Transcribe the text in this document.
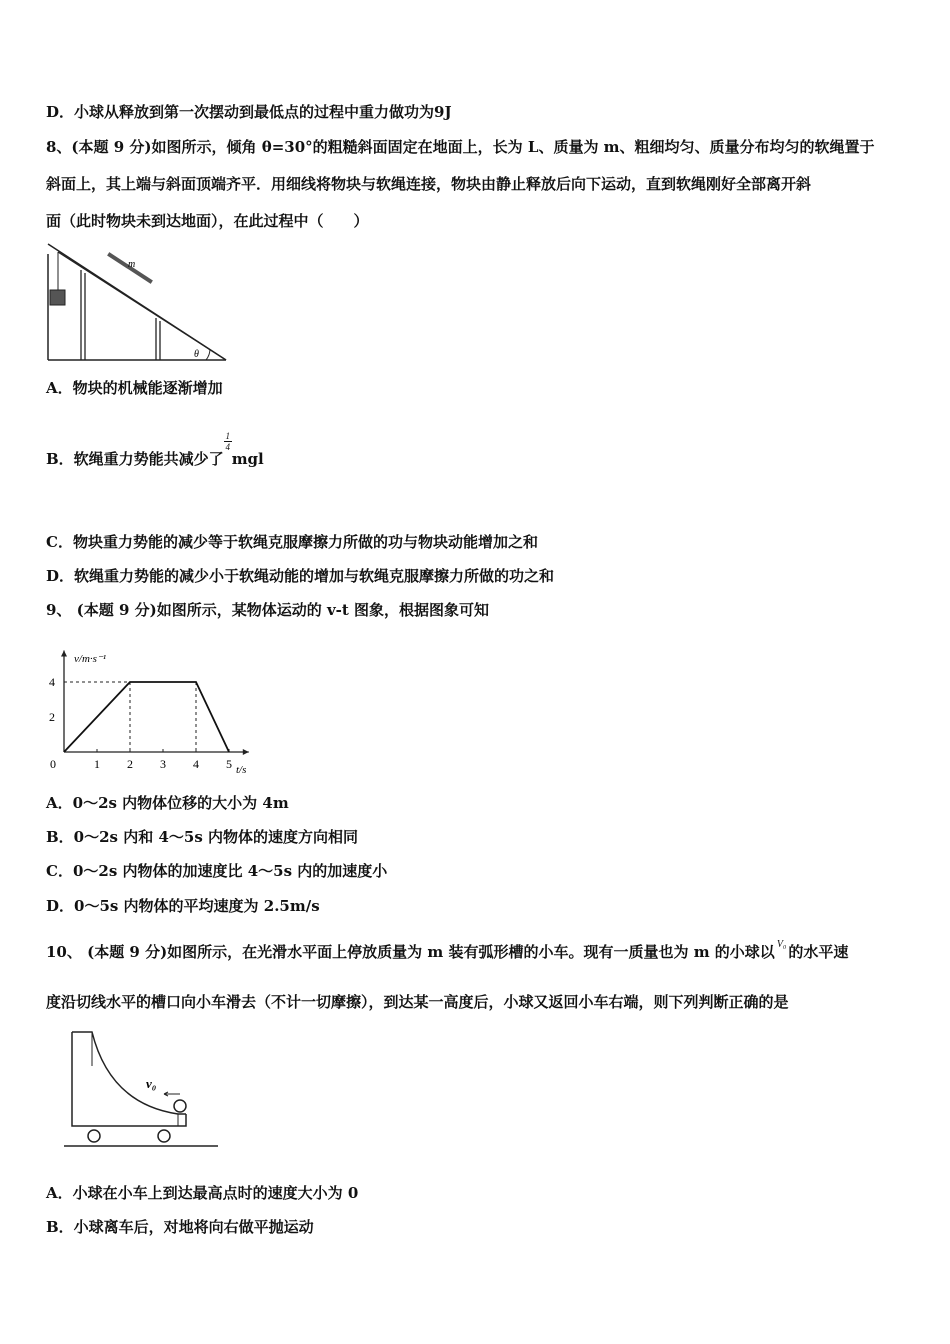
D．小球从释放到第一次摆动到最低点的过程中重力做功为9J
8、(本题 9 分)如图所示，倾角 θ=30°的粗糙斜面固定在地面上，长为 L、质量为 m、粗细均匀、质量分布均匀的软绳置于
斜面上，其上端与斜面顶端齐平．用细线将物块与软绳连接，物块由静止释放后向下运动，直到软绳刚好全部离开斜
面（此时物块未到达地面），在此过程中（　　）
m
θ
A．物块的机械能逐渐增加
B．软绳重力势能共减少了
$\frac{1}{4}$
mgl
C．物块重力势能的减少等于软绳克服摩擦力所做的功与物块动能增加之和
D．软绳重力势能的减少小于软绳动能的增加与软绳克服摩擦力所做的功之和
9、 (本题 9 分)如图所示，某物体运动的 v-t 图象，根据图象可知
v/m·s⁻¹
t/s
0	1 2 3 4 5
2
4
A．0～2s 内物体位移的大小为 4m
B．0～2s 内和 4～5s 内物体的速度方向相同
C．0～2s 内物体的加速度比 4～5s 内的加速度小
D．0～5s 内物体的平均速度为 2.5m/s
10、 (本题 9 分)如图所示，在光滑水平面上停放质量为 m 装有弧形槽的小车。现有一质量也为 m 的小球以 $^{V_0}$ 的水平速
度沿切线水平的槽口向小车滑去（不计一切摩擦），到达某一高度后，小球又返回小车右端，则下列判断正确的是
v₀
A．小球在小车上到达最高点时的速度大小为 0
B．小球离车后，对地将向右做平抛运动
